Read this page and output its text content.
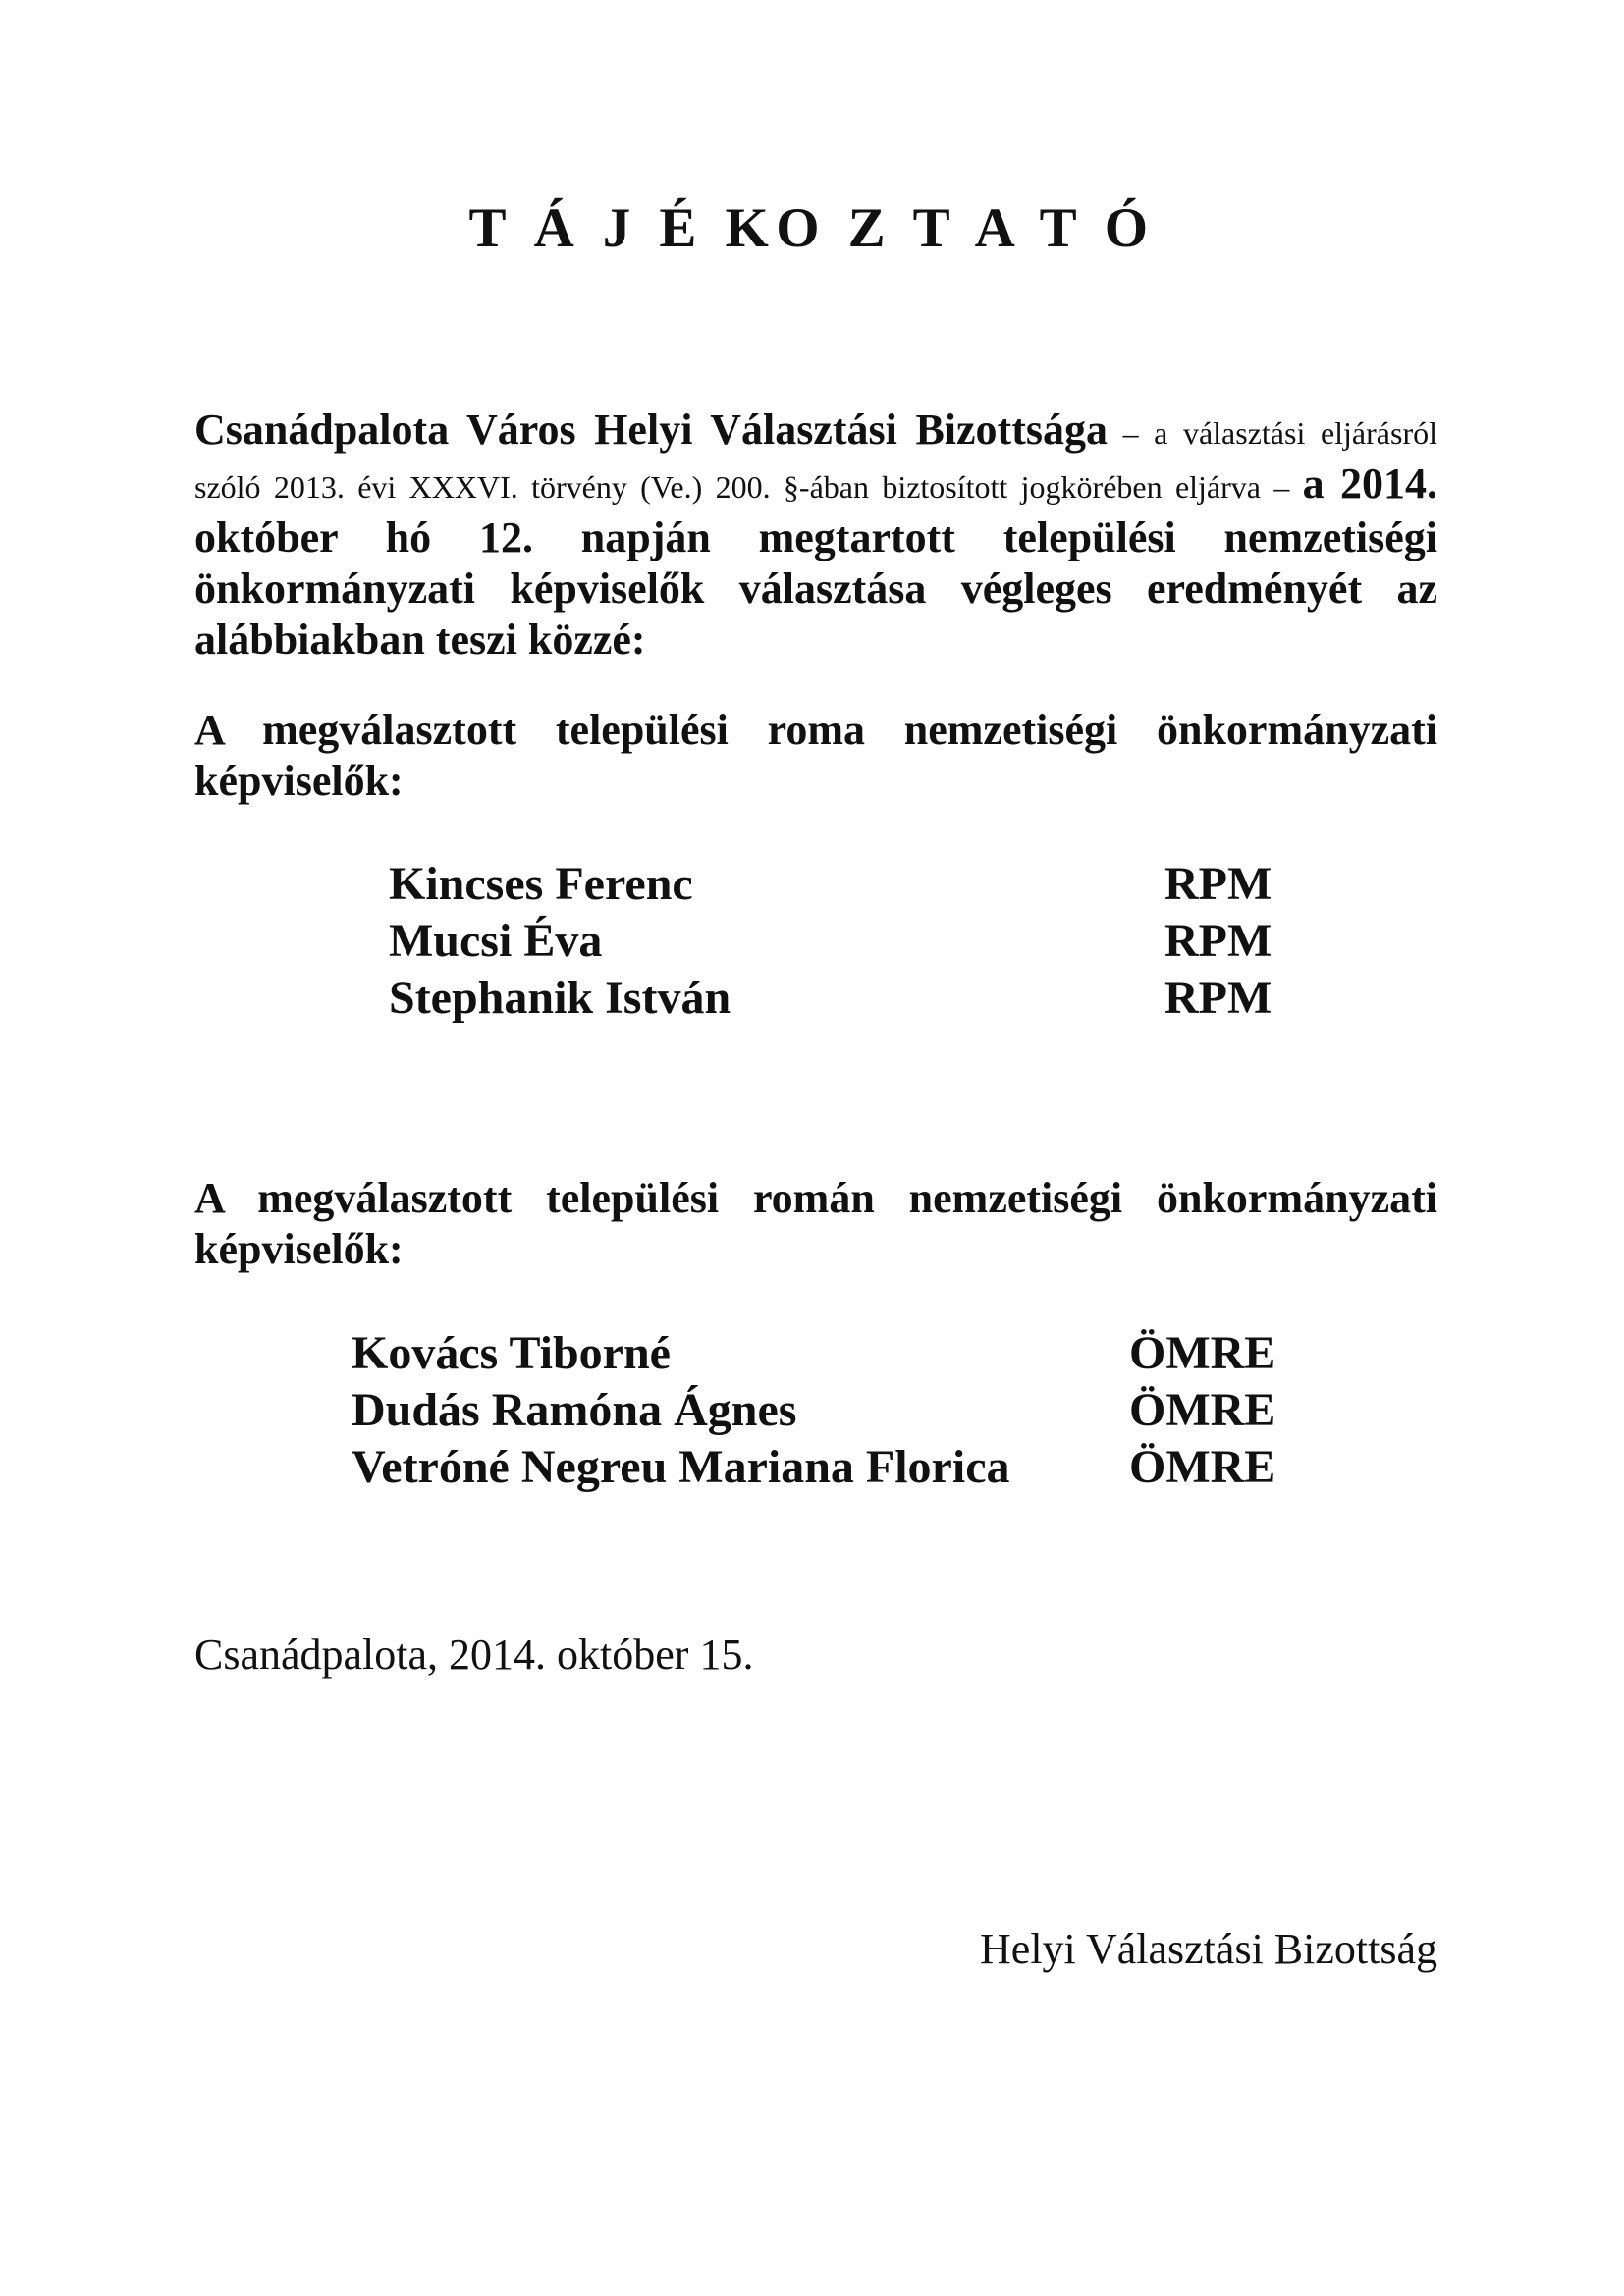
T Á J É KO Z T A T Ó
Csanádpalota Város Helyi Választási Bizottsága – a választási eljárásról szóló 2013. évi XXXVI. törvény (Ve.) 200. §-ában biztosított jogkörében eljárva – a 2014. október hó 12. napján megtartott települési nemzetiségi önkormányzati képviselők választása végleges eredményét az alábbiakban teszi közzé:
A megválasztott települési roma nemzetiségi önkormányzati képviselők:
Kincses Ferenc	RPM
Mucsi Éva	RPM
Stephanik István	RPM
A megválasztott települési román nemzetiségi önkormányzati képviselők:
Kovács Tiborné	ÖMRE
Dudás Ramóna Ágnes	ÖMRE
Vetróné Negreu Mariana Florica	ÖMRE
Csanádpalota, 2014. október 15.
Helyi Választási Bizottság
